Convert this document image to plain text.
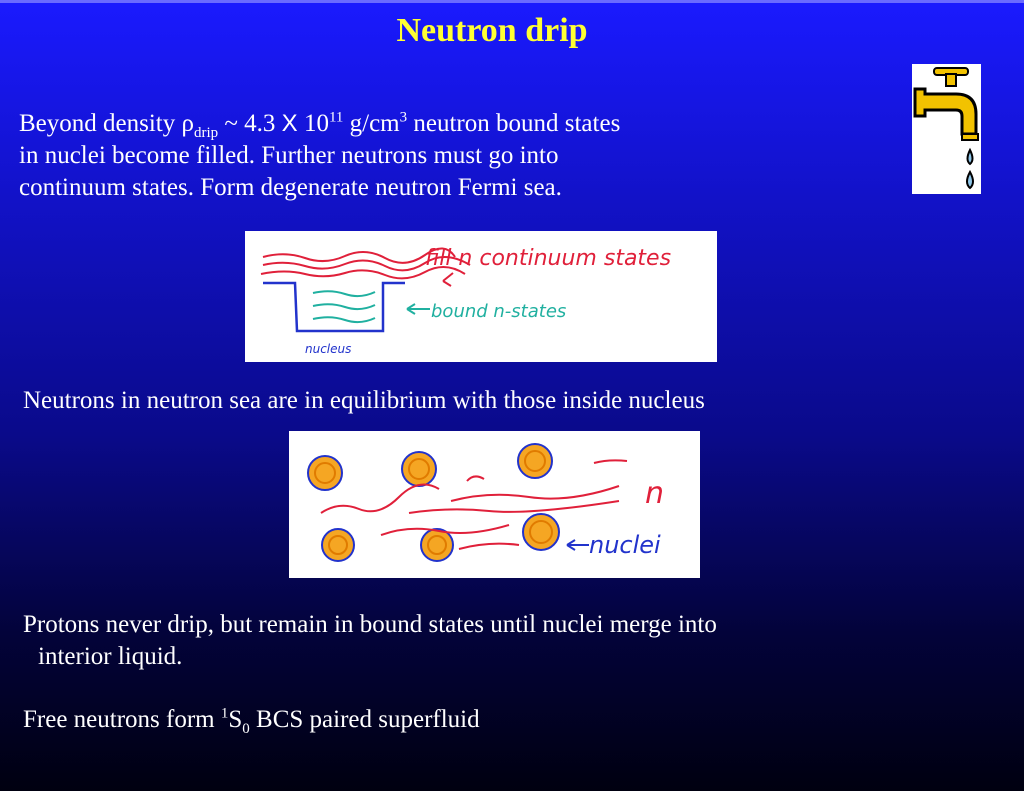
Neutron drip
Beyond density $\rho_{drip}$ ~ 4.3 X $10^{11}$ $g/cm^3$ neutron bound states
in nuclei become filled. Further neutrons must go into
continuum states. Form degenerate neutron Fermi sea.
fill n continuum states
bound n-states
nucleus
Neutrons in neutron sea are in equilibrium with those inside nucleus
n
nuclei
Protons never drip, but remain in bound states until nuclei merge into
interior liquid.
Free neutrons form $^1S_0$ BCS paired superfluid
